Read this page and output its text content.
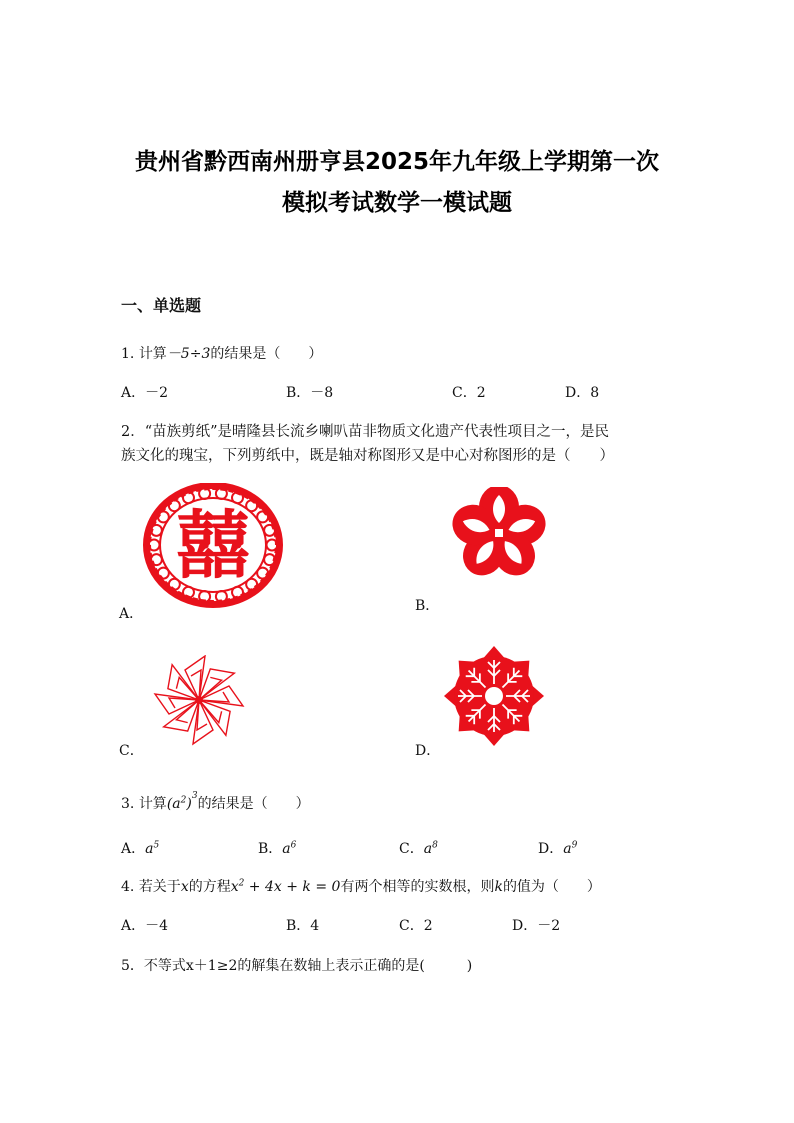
贵州省黔西南州册亨县2025年九年级上学期第一次
模拟考试数学一模试题
一、单选题
1. 计算－5÷3的结果是（　　）
A．－2	B．－8	C．2	D．8
2．“苗族剪纸”是晴隆县长流乡喇叭苗非物质文化遗产代表性项目之一，是民
族文化的瑰宝，下列剪纸中，既是轴对称图形又是中心对称图形的是（　　）
囍
A．	B．
C．	D．
3. 计算$(a^2)^3$的结果是（　　）
A．$a^5$	B．$a^6$	C．$a^8$	D．$a^9$
4. 若关于x的方程$x^2 + 4x + k = 0$有两个相等的实数根，则k的值为（　　）
A．－4	B．4	C．2	D．－2
5．不等式x＋1≥2的解集在数轴上表示正确的是(　　　)
